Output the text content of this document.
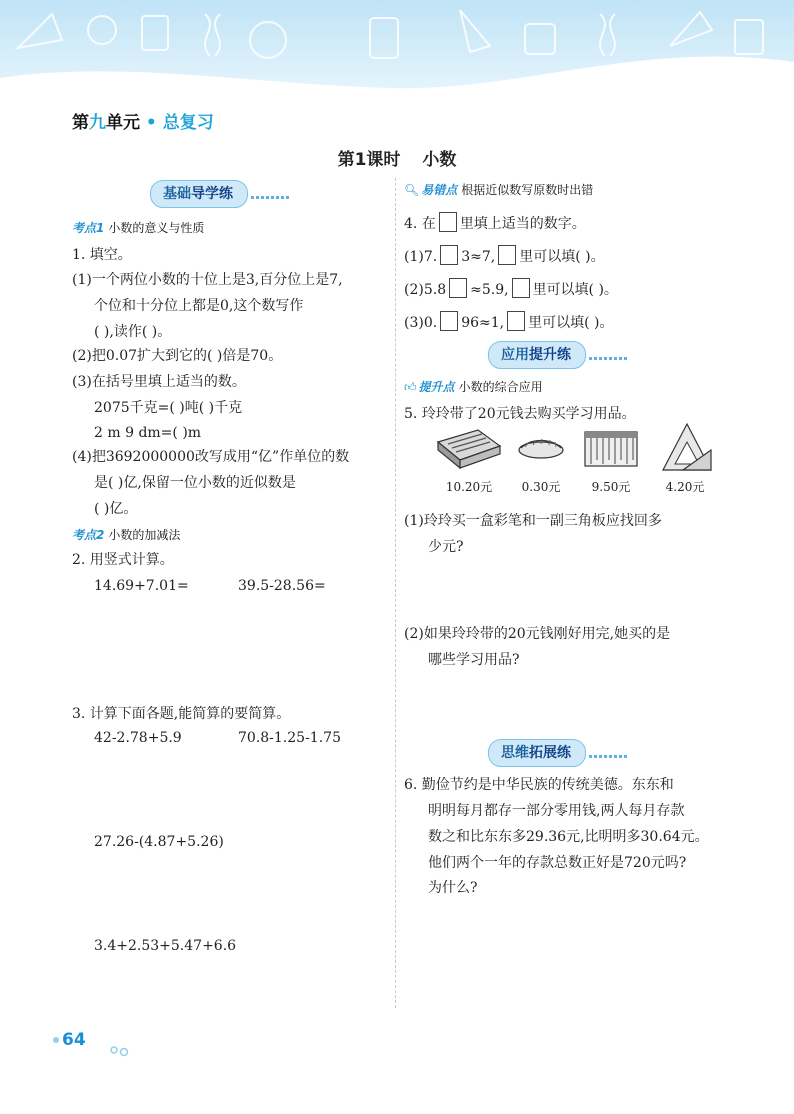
第九单元 • 总复习
第1课时 小数
基础导学练
考点1 小数的意义与性质
1. 填空。
(1)一个两位小数的十位上是3,百分位上是7,
个位和十分位上都是0,这个数写作
( ),读作( )。
(2)把0.07扩大到它的( )倍是70。
(3)在括号里填上适当的数。
2075千克=( )吨( )千克
2 m 9 dm=( )m
(4)把3692000000改写成用“亿”作单位的数
是( )亿,保留一位小数的近似数是
( )亿。
考点2 小数的加减法
2. 用竖式计算。
14.69+7.01=	39.5-28.56=
3. 计算下面各题,能简算的要简算。
42-2.78+5.9	70.8-1.25-1.75
27.26-(4.87+5.26)
3.4+2.53+5.47+6.6
🔍︎ 易错点 根据近似数写原数时出错
4. 在 里填上适当的数字。
(1)7. 3≈7, 里可以填( )。
(2)5.8 ≈5.9, 里可以填( )。
(3)0. 96≈1, 里可以填( )。
应用提升练
👍︎ 提升点 小数的综合应用
5. 玲玲带了20元钱去购买学习用品。
10.20元	0.30元	9.50元	4.20元
(1)玲玲买一盒彩笔和一副三角板应找回多
少元?
(2)如果玲玲带的20元钱刚好用完,她买的是
哪些学习用品?
思维拓展练
6. 勤俭节约是中华民族的传统美德。东东和
明明每月都存一部分零用钱,两人每月存款
数之和比东东多29.36元,比明明多30.64元。
他们两个一年的存款总数正好是720元吗?
为什么?
64
